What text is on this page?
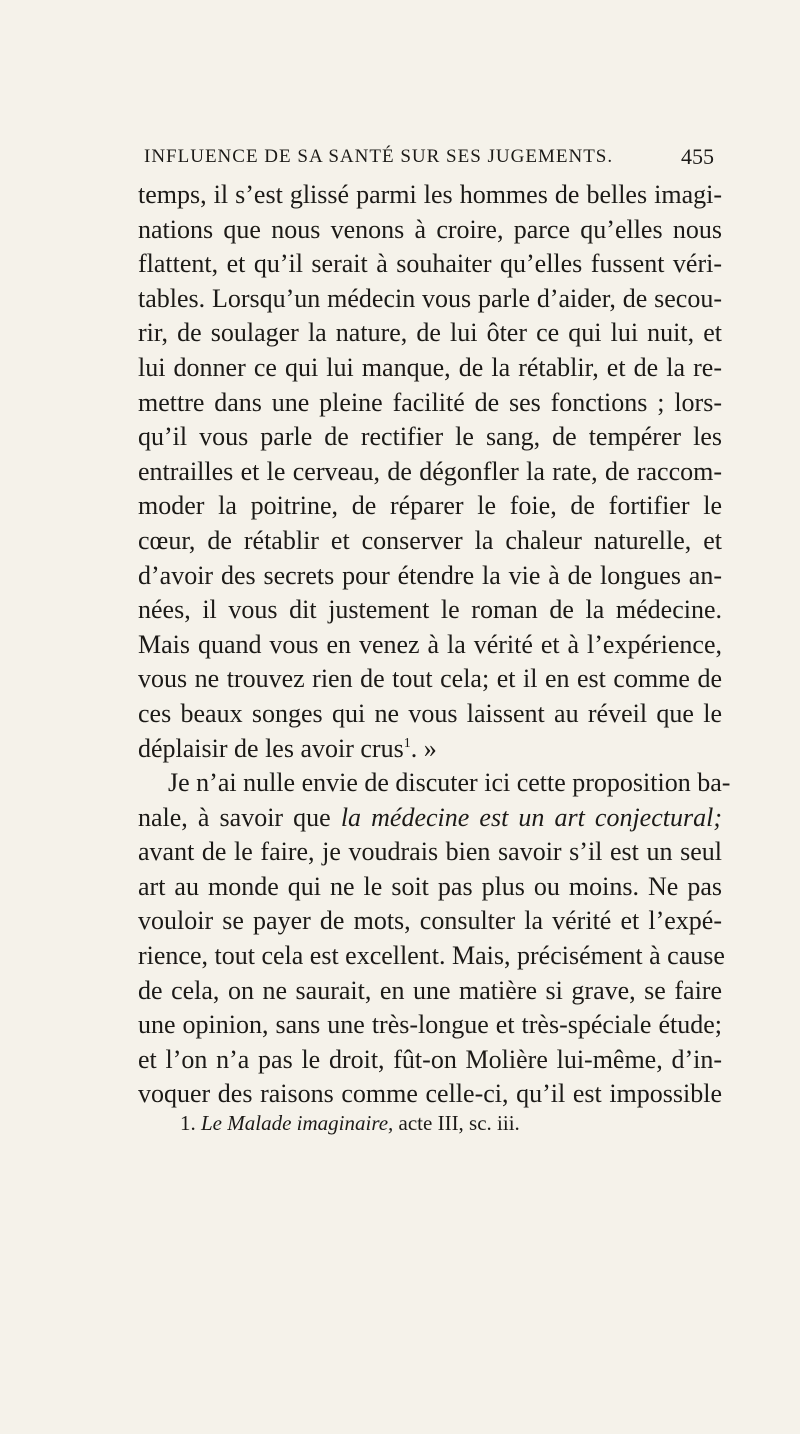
INFLUENCE DE SA SANTÉ SUR SES JUGEMENTS.	455
temps, il s’est glissé parmi les hommes de belles imagi-
nations que nous venons à croire, parce qu’elles nous
flattent, et qu’il serait à souhaiter qu’elles fussent véri-
tables. Lorsqu’un médecin vous parle d’aider, de secou-
rir, de soulager la nature, de lui ôter ce qui lui nuit, et
lui donner ce qui lui manque, de la rétablir, et de la re-
mettre dans une pleine facilité de ses fonctions ; lors-
qu’il vous parle de rectifier le sang, de tempérer les
entrailles et le cerveau, de dégonfler la rate, de raccom-
moder la poitrine, de réparer le foie, de fortifier le
cœur, de rétablir et conserver la chaleur naturelle, et
d’avoir des secrets pour étendre la vie à de longues an-
nées, il vous dit justement le roman de la médecine.
Mais quand vous en venez à la vérité et à l’expérience,
vous ne trouvez rien de tout cela; et il en est comme de
ces beaux songes qui ne vous laissent au réveil que le
déplaisir de les avoir crus$^1$. »
Je n’ai nulle envie de discuter ici cette proposition ba-
nale, à savoir que la médecine est un art conjectural;
avant de le faire, je voudrais bien savoir s’il est un seul
art au monde qui ne le soit pas plus ou moins. Ne pas
vouloir se payer de mots, consulter la vérité et l’expé-
rience, tout cela est excellent. Mais, précisément à cause
de cela, on ne saurait, en une matière si grave, se faire
une opinion, sans une très-longue et très-spéciale étude;
et l’on n’a pas le droit, fût-on Molière lui-même, d’in-
voquer des raisons comme celle-ci, qu’il est impossible
1. Le Malade imaginaire, acte III, sc. iii.
